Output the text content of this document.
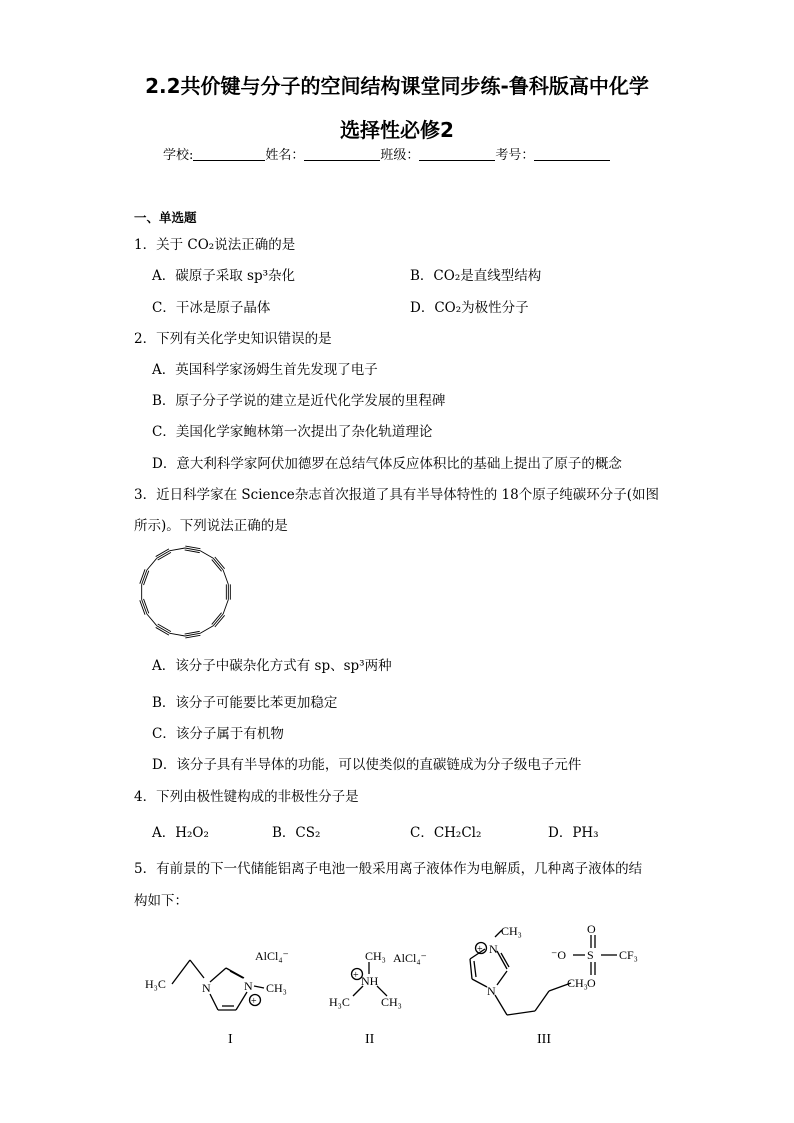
2.2共价键与分子的空间结构课堂同步练-鲁科版高中化学
选择性必修2
学校:	姓名：	班级：	考号：
一、单选题
1．关于 CO₂说法正确的是
A．碳原子采取 sp³杂化	B．CO₂是直线型结构
C．干冰是原子晶体	D．CO₂为极性分子
2．下列有关化学史知识错误的是
A．英国科学家汤姆生首先发现了电子
B．原子分子学说的建立是近代化学发展的里程碑
C．美国化学家鲍林第一次提出了杂化轨道理论
D．意大利科学家阿伏加德罗在总结气体反应体积比的基础上提出了原子的概念
3．近日科学家在 Science杂志首次报道了具有半导体特性的 18个原子纯碳环分子(如图
所示)。下列说法正确的是
A．该分子中碳杂化方式有 sp、sp³两种
B．该分子可能要比苯更加稳定
C．该分子属于有机物
D．该分子具有半导体的功能，可以使类似的直碳链成为分子级电子元件
4．下列由极性键构成的非极性分子是
A．H₂O₂	B．CS₂	C．CH₂Cl₂	D．PH₃
5．有前景的下一代储能铝离子电池一般采用离子液体作为电解质，几种离子液体的结
构如下：
H₃C	N	N CH₃
+
AlCl₄⁻
I
CH₃
NH
H₃C	CH₃
+
AlCl₄⁻
II
CH₃
N
N
+
CH₃
⁻O S
O
O
CF₃
III
